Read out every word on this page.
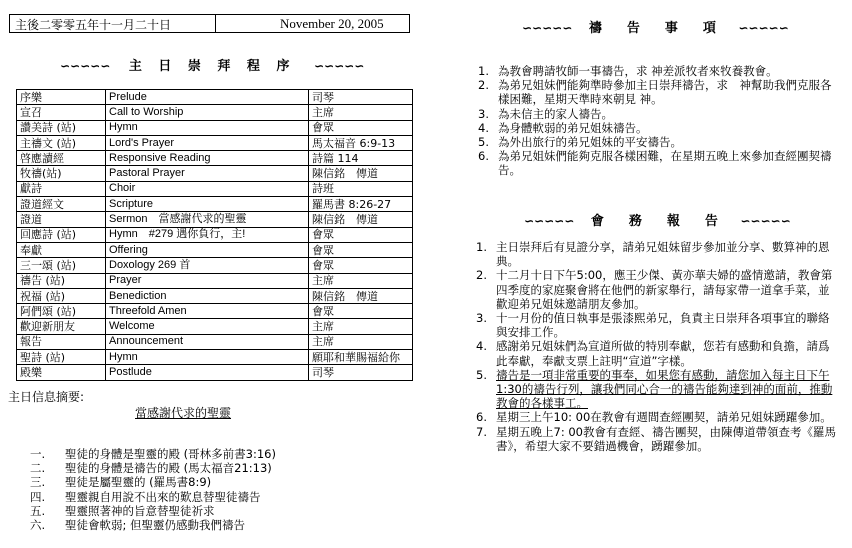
主後二零零五年十一月二十日	November 20, 2005
∽∽∽∽∽ 主 日 崇 拜 程 序 ∽∽∽∽∽
序樂	Prelude	司琴
宣召	Call to Worship	主席
讚美詩 (站)	Hymn	會眾
主禱文 (站)	Lord's Prayer	馬太福音 6:9-13
啓應讀經	Responsive Reading	詩篇 114
牧禱(站)	Pastoral Prayer	陳信銘　傳道
獻詩	Choir	詩班
證道經文	Scripture	羅馬書 8:26-27
證道	Sermon　當感謝代求的聖靈	陳信銘　傳道
回應詩 (站)	Hymn　#279 遇你負行，主!	會眾
奉獻	Offering	會眾
三一頌 (站)	Doxology 269 首	會眾
禱告 (站)	Prayer	主席
祝福 (站)	Benediction	陳信銘　傳道
阿們頌 (站)	Threefold Amen	會眾
歡迎新朋友	Welcome	主席
報告	Announcement	主席
聖詩 (站)	Hymn	願耶和華賜福給你
殿樂	Postlude	司琴
主日信息摘要:
當感謝代求的聖靈
一.	聖徒的身體是聖靈的殿 (哥林多前書3:16)
二.	聖徒的身體是禱告的殿 (馬太福音21:13)
三.	聖徒是屬聖靈的 (羅馬書8:9)
四.	聖靈親自用說不出來的歎息替聖徒禱告
五.	聖靈照著神的旨意替聖徒祈求
六.	聖徒會軟弱; 但聖靈仍感動我們禱告
∽∽∽∽∽ 禱　告　事　項 ∽∽∽∽∽
1. 為教會聘請牧師一事禱告，求 神差派牧者來牧養教會。
2. 為弟兄姐妹們能夠準時參加主日崇拜禱告，求　神幫助我們克服各樣困難，星期天準時來朝見 神。
3. 為未信主的家人禱告。
4. 為身體軟弱的弟兄姐妹禱告。
5. 為外出旅行的弟兄姐妹的平安禱告。
6. 為弟兄姐妹們能夠克服各樣困難，在星期五晚上來參加查經團契禱告。
∽∽∽∽∽ 會　務　報　告 ∽∽∽∽∽
1. 主日崇拜后有見證分享，請弟兄姐妹留步參加並分享、數算神的恩典。
2. 十二月十日下午5:00，應王少傑、黃亦華夫婦的盛情邀請，教會第四季度的家庭聚會將在他們的新家舉行，請每家帶一道拿手菜，並歡迎弟兄姐妹邀請朋友參加。
3. 十一月份的值日執事是張漆熙弟兄，負責主日崇拜各項事宜的聯絡與安排工作。
4. 感謝弟兄姐妹們為宣道所做的特別奉獻，您若有感動和負擔，請爲此奉獻，奉獻支票上註明“宣道”字樣。
5. 禱告是一項非常重要的事奉，如果您有感動，請您加入每主日下午1:30的禱告行列，讓我們同心合一的禱告能夠達到神的面前，推動教會的各樣事工。
6. 星期三上午10: 00在教會有週間查經團契，請弟兄姐妹踴躍參加。
7. 星期五晚上7: 00教會有查經、禱告團契，由陳傳道帶領查考《羅馬書》，希望大家不要錯過機會，踴躍參加。
